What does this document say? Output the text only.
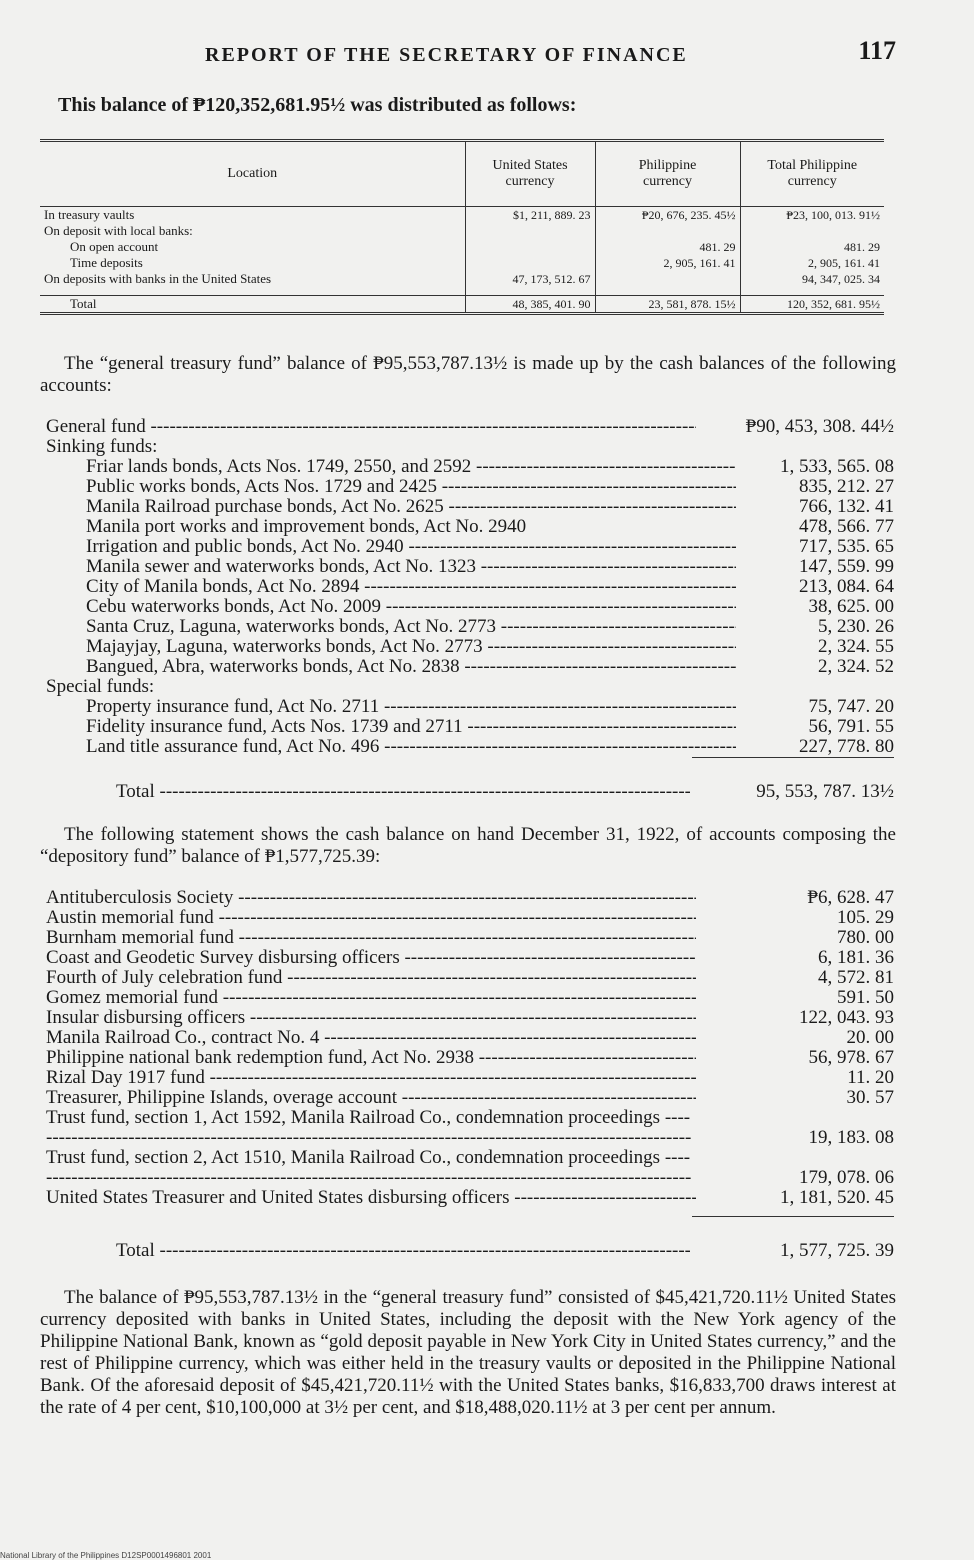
REPORT OF THE SECRETARY OF FINANCE	117
This balance of ₱120,352,681.95½ was distributed as follows:
Location	United States currency	Philippine currency	Total Philippine currency
In treasury vaults	$1, 211, 889. 23	₱20, 676, 235. 45½	₱23, 100, 013. 91½
On deposit with local banks:			
On open account		481. 29	481. 29
Time deposits		2, 905, 161. 41	2, 905, 161. 41
On deposits with banks in the United States	47, 173, 512. 67		94, 347, 025. 34
Total	48, 385, 401. 90	23, 581, 878. 15½	120, 352, 681. 95½

The “general treasury fund” balance of ₱95,553,787.13½ is made up by the cash balances of the following accounts:

General fund -----	₱90, 453, 308. 44½
Sinking funds:
Friar lands bonds, Acts Nos. 1749, 2550, and 2592 -----	1, 533, 565. 08
Public works bonds, Acts Nos. 1729 and 2425 -----	835, 212. 27
Manila Railroad purchase bonds, Act No. 2625 -----	766, 132. 41
Manila port works and improvement bonds, Act No. 2940	478, 566. 77
Irrigation and public bonds, Act No. 2940 -----	717, 535. 65
Manila sewer and waterworks bonds, Act No. 1323 -----	147, 559. 99
City of Manila bonds, Act No. 2894 -----	213, 084. 64
Cebu waterworks bonds, Act No. 2009 -----	38, 625. 00
Santa Cruz, Laguna, waterworks bonds, Act No. 2773 -----	5, 230. 26
Majayjay, Laguna, waterworks bonds, Act No. 2773 -----	2, 324. 55
Bangued, Abra, waterworks bonds, Act No. 2838 -----	2, 324. 52
Special funds:
Property insurance fund, Act No. 2711 -----	75, 747. 20
Fidelity insurance fund, Acts Nos. 1739 and 2711 -----	56, 791. 55
Land title assurance fund, Act No. 496 -----	227, 778. 80
Total -----	95, 553, 787. 13½

The following statement shows the cash balance on hand December 31, 1922, of accounts composing the “depository fund” balance of ₱1,577,725.39:

Antituberculosis Society -----	₱6, 628. 47
Austin memorial fund -----	105. 29
Burnham memorial fund -----	780. 00
Coast and Geodetic Survey disbursing officers -----	6, 181. 36
Fourth of July celebration fund -----	4, 572. 81
Gomez memorial fund -----	591. 50
Insular disbursing officers -----	122, 043. 93
Manila Railroad Co., contract No. 4 -----	20. 00
Philippine national bank redemption fund, Act No. 2938 -----	56, 978. 67
Rizal Day 1917 fund -----	11. 20
Treasurer, Philippine Islands, overage account -----	30. 57
Trust fund, section 1, Act 1592, Manila Railroad Co., condemnation proceedings -----
19, 183. 08
Trust fund, section 2, Act 1510, Manila Railroad Co., condemnation proceedings -----
179, 078. 06
United States Treasurer and United States disbursing officers -----	1, 181, 520. 45
Total -----	1, 577, 725. 39

The balance of ₱95,553,787.13½ in the “general treasury fund” consisted of $45,421,720.11½ United States currency deposited with banks in United States, including the deposit with the New York agency of the Philippine National Bank, known as “gold deposit payable in New York City in United States currency,” and the rest of Philippine currency, which was either held in the treasury vaults or deposited in the Philippine National Bank. Of the aforesaid deposit of $45,421,720.11½ with the United States banks, $16,833,700 draws interest at the rate of 4 per cent, $10,100,000 at 3½ per cent, and $18,488,020.11½ at 3 per cent per annum.

National Library of the Philippines D12SP0001496801 2001
